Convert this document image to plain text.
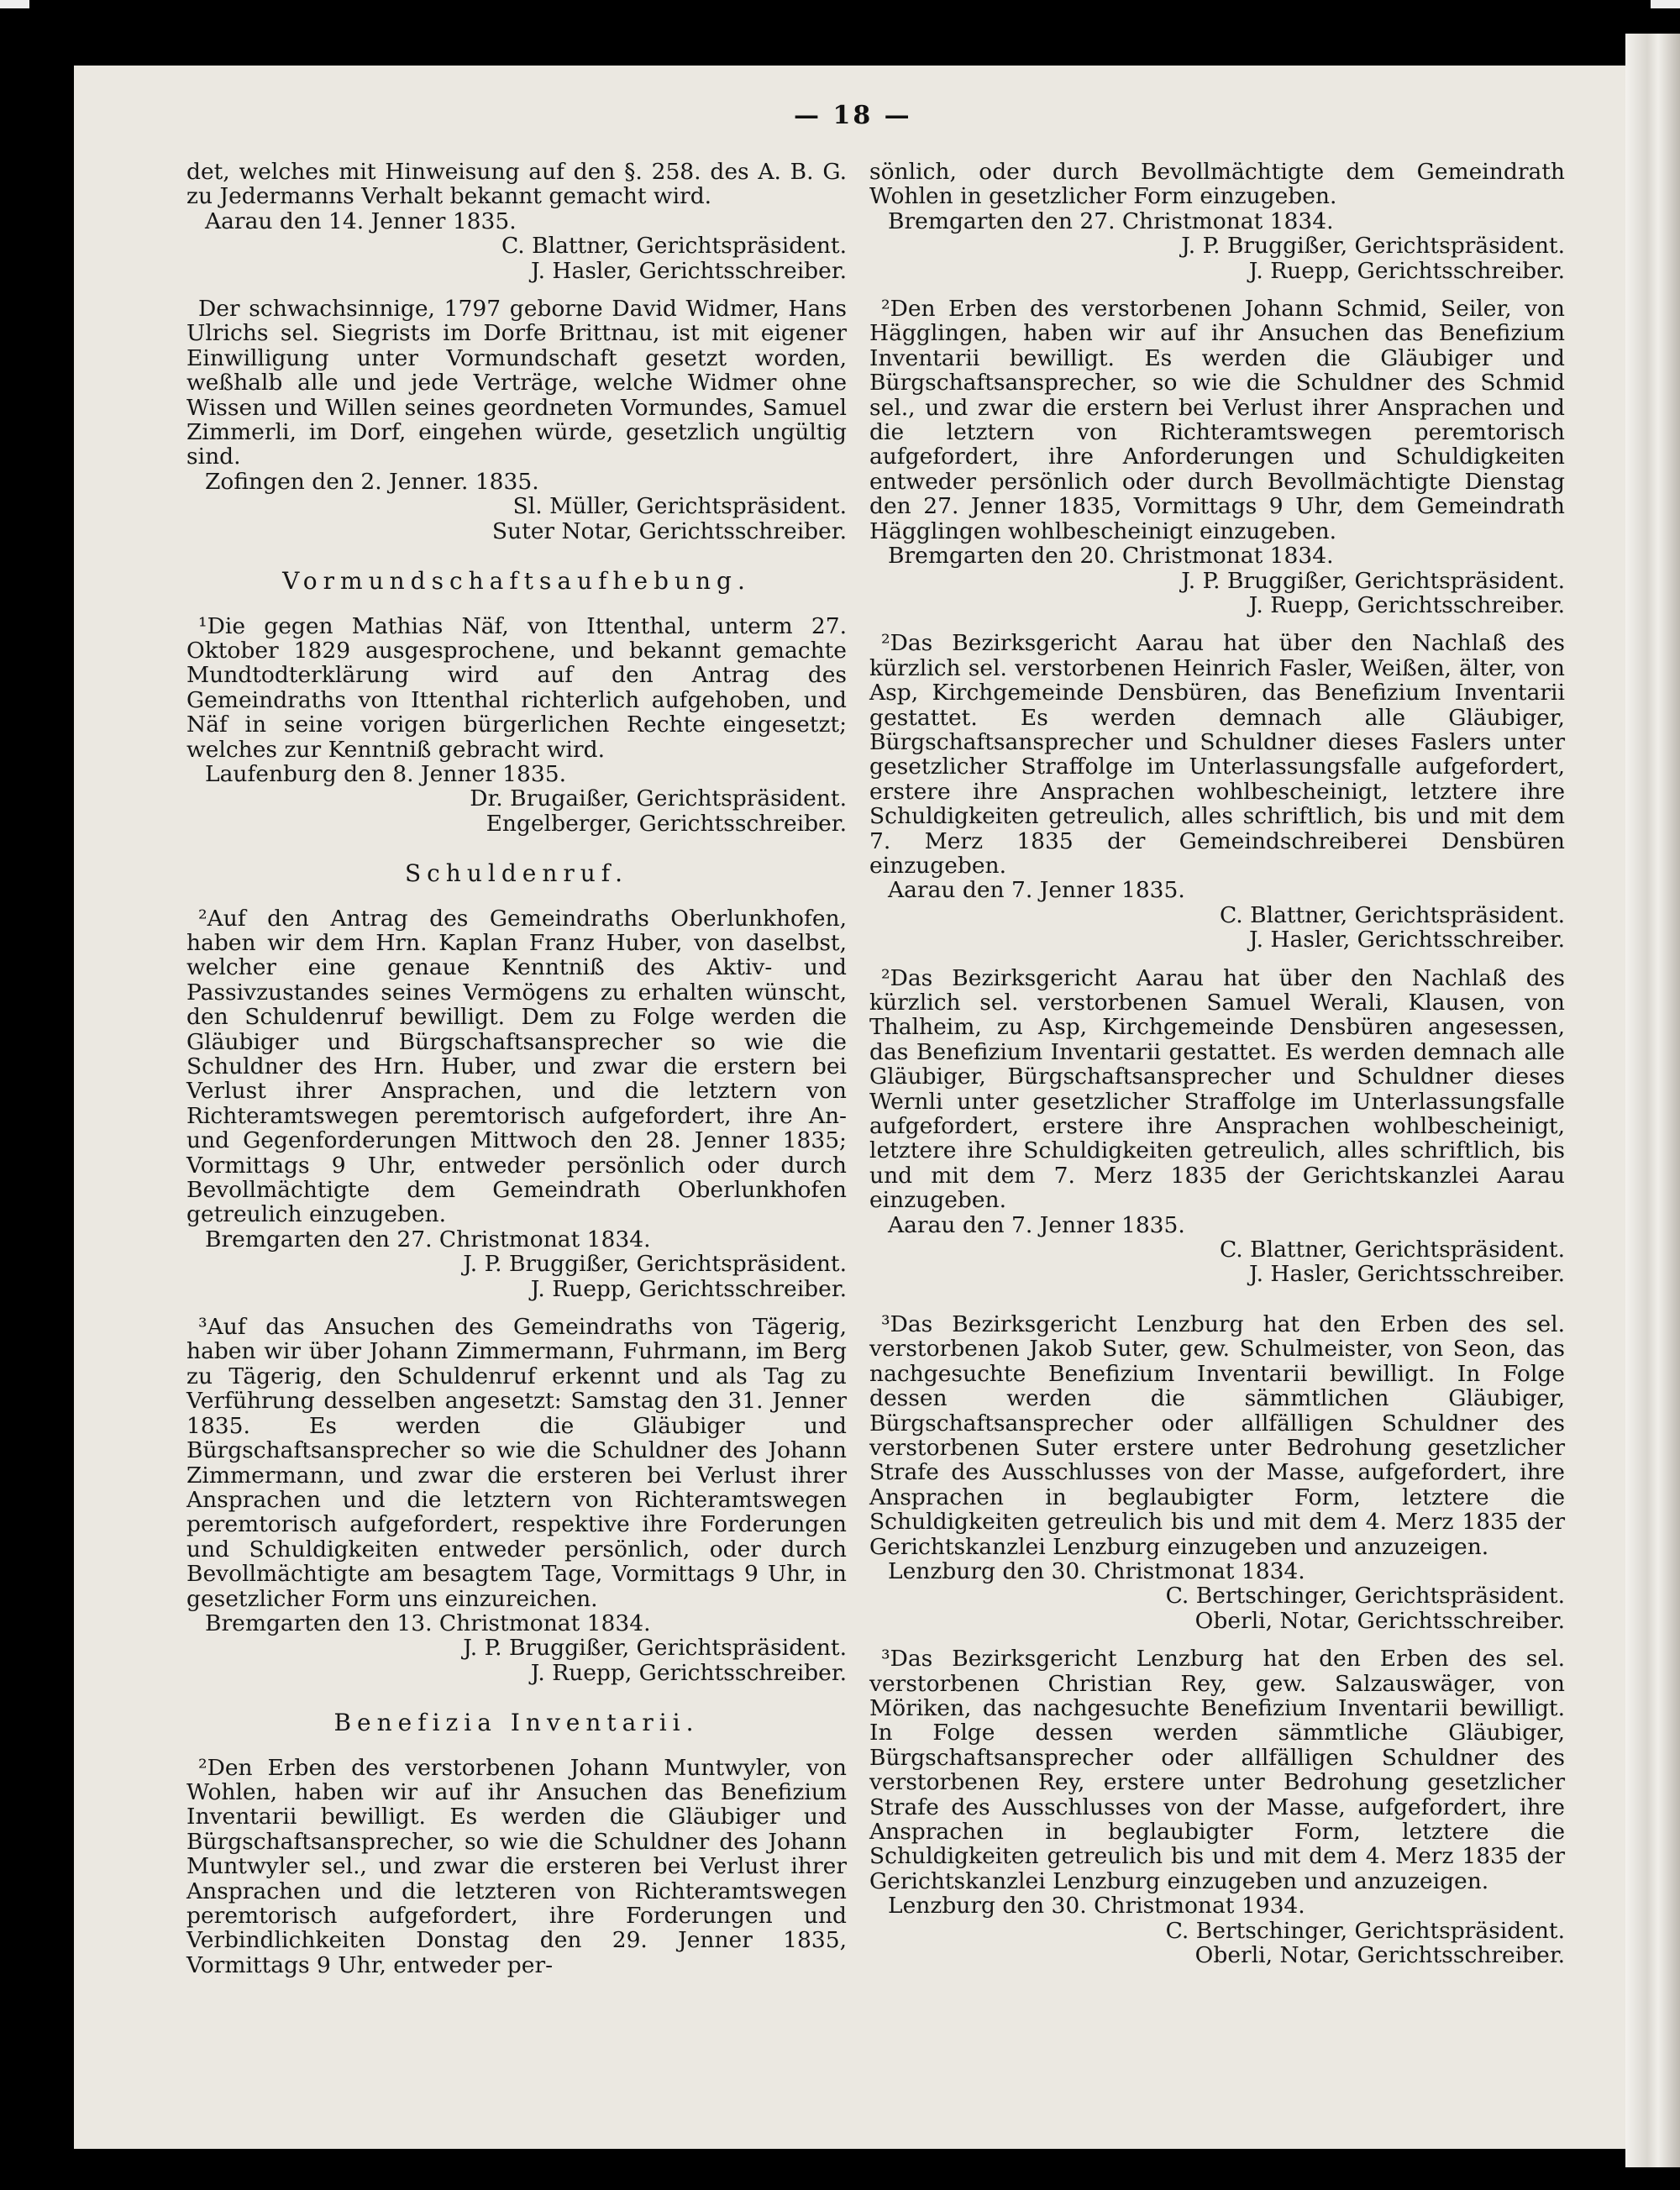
— 18 —
det, welches mit Hinweisung auf den §. 258. des A. B. G. zu Jedermanns Verhalt bekannt gemacht wird.
Aarau den 14. Jenner 1835.
C. Blattner, Gerichtspräsident.
J. Hasler, Gerichtsschreiber.
Der schwachsinnige, 1797 geborne David Widmer, Hans Ulrichs sel. Siegrists im Dorfe Brittnau, ist mit eigener Einwilligung unter Vormundschaft gesetzt worden, weßhalb alle und jede Verträge, welche Widmer ohne Wissen und Willen seines geordneten Vormundes, Samuel Zimmerli, im Dorf, eingehen würde, gesetzlich ungültig sind.
Zofingen den 2. Jenner. 1835.
Sl. Müller, Gerichtspräsident.
Suter Notar, Gerichtsschreiber.
Vormundschaftsaufhebung.
¹Die gegen Mathias Näf, von Ittenthal, unterm 27. Oktober 1829 ausgesprochene, und bekannt gemachte Mundtodterklärung wird auf den Antrag des Gemeindraths von Ittenthal richterlich aufgehoben, und Näf in seine vorigen bürgerlichen Rechte eingesetzt; welches zur Kenntniß gebracht wird.
Laufenburg den 8. Jenner 1835.
Dr. Brugaißer, Gerichtspräsident.
Engelberger, Gerichtsschreiber.
Schuldenruf.
²Auf den Antrag des Gemeindraths Oberlunkhofen, haben wir dem Hrn. Kaplan Franz Huber, von daselbst, welcher eine genaue Kenntniß des Aktiv- und Passivzustandes seines Vermögens zu erhalten wünscht, den Schuldenruf bewilligt. Dem zu Folge werden die Gläubiger und Bürgschaftsansprecher so wie die Schuldner des Hrn. Huber, und zwar die erstern bei Verlust ihrer Ansprachen, und die letztern von Richteramtswegen peremtorisch aufgefordert, ihre An- und Gegenforderungen Mittwoch den 28. Jenner 1835; Vormittags 9 Uhr, entweder persönlich oder durch Bevollmächtigte dem Gemeindrath Oberlunkhofen getreulich einzugeben.
Bremgarten den 27. Christmonat 1834.
J. P. Bruggißer, Gerichtspräsident.
J. Ruepp, Gerichtsschreiber.
³Auf das Ansuchen des Gemeindraths von Tägerig, haben wir über Johann Zimmermann, Fuhrmann, im Berg zu Tägerig, den Schuldenruf erkennt und als Tag zu Verführung desselben angesetzt: Samstag den 31. Jenner 1835. Es werden die Gläubiger und Bürgschaftsansprecher so wie die Schuldner des Johann Zimmermann, und zwar die ersteren bei Verlust ihrer Ansprachen und die letztern von Richteramtswegen peremtorisch aufgefordert, respektive ihre Forderungen und Schuldigkeiten entweder persönlich, oder durch Bevollmächtigte am besagtem Tage, Vormittags 9 Uhr, in gesetzlicher Form uns einzureichen.
Bremgarten den 13. Christmonat 1834.
J. P. Bruggißer, Gerichtspräsident.
J. Ruepp, Gerichtsschreiber.
Benefizia Inventarii.
²Den Erben des verstorbenen Johann Muntwyler, von Wohlen, haben wir auf ihr Ansuchen das Benefizium Inventarii bewilligt. Es werden die Gläubiger und Bürgschaftsansprecher, so wie die Schuldner des Johann Muntwyler sel., und zwar die ersteren bei Verlust ihrer Ansprachen und die letzteren von Richteramtswegen peremtorisch aufgefordert, ihre Forderungen und Verbindlichkeiten Donstag den 29. Jenner 1835, Vormittags 9 Uhr, entweder per-
sönlich, oder durch Bevollmächtigte dem Gemeindrath Wohlen in gesetzlicher Form einzugeben.
Bremgarten den 27. Christmonat 1834.
J. P. Bruggißer, Gerichtspräsident.
J. Ruepp, Gerichtsschreiber.
²Den Erben des verstorbenen Johann Schmid, Seiler, von Hägglingen, haben wir auf ihr Ansuchen das Benefizium Inventarii bewilligt. Es werden die Gläubiger und Bürgschaftsansprecher, so wie die Schuldner des Schmid sel., und zwar die erstern bei Verlust ihrer Ansprachen und die letztern von Richteramtswegen peremtorisch aufgefordert, ihre Anforderungen und Schuldigkeiten entweder persönlich oder durch Bevollmächtigte Dienstag den 27. Jenner 1835, Vormittags 9 Uhr, dem Gemeindrath Hägglingen wohlbescheinigt einzugeben.
Bremgarten den 20. Christmonat 1834.
J. P. Bruggißer, Gerichtspräsident.
J. Ruepp, Gerichtsschreiber.
²Das Bezirksgericht Aarau hat über den Nachlaß des kürzlich sel. verstorbenen Heinrich Fasler, Weißen, älter, von Asp, Kirchgemeinde Densbüren, das Benefizium Inventarii gestattet. Es werden demnach alle Gläubiger, Bürgschaftsansprecher und Schuldner dieses Faslers unter gesetzlicher Straffolge im Unterlassungsfalle aufgefordert, erstere ihre Ansprachen wohlbescheinigt, letztere ihre Schuldigkeiten getreulich, alles schriftlich, bis und mit dem 7. Merz 1835 der Gemeindschreiberei Densbüren einzugeben.
Aarau den 7. Jenner 1835.
C. Blattner, Gerichtspräsident.
J. Hasler, Gerichtsschreiber.
²Das Bezirksgericht Aarau hat über den Nachlaß des kürzlich sel. verstorbenen Samuel Werali, Klausen, von Thalheim, zu Asp, Kirchgemeinde Densbüren angesessen, das Benefizium Inventarii gestattet. Es werden demnach alle Gläubiger, Bürgschaftsansprecher und Schuldner dieses Wernli unter gesetzlicher Straffolge im Unterlassungsfalle aufgefordert, erstere ihre Ansprachen wohlbescheinigt, letztere ihre Schuldigkeiten getreulich, alles schriftlich, bis und mit dem 7. Merz 1835 der Gerichtskanzlei Aarau einzugeben.
Aarau den 7. Jenner 1835.
C. Blattner, Gerichtspräsident.
J. Hasler, Gerichtsschreiber.
³Das Bezirksgericht Lenzburg hat den Erben des sel. verstorbenen Jakob Suter, gew. Schulmeister, von Seon, das nachgesuchte Benefizium Inventarii bewilligt. In Folge dessen werden die sämmtlichen Gläubiger, Bürgschaftsansprecher oder allfälligen Schuldner des verstorbenen Suter erstere unter Bedrohung gesetzlicher Strafe des Ausschlusses von der Masse, aufgefordert, ihre Ansprachen in beglaubigter Form, letztere die Schuldigkeiten getreulich bis und mit dem 4. Merz 1835 der Gerichtskanzlei Lenzburg einzugeben und anzuzeigen.
Lenzburg den 30. Christmonat 1834.
C. Bertschinger, Gerichtspräsident.
Oberli, Notar, Gerichtsschreiber.
³Das Bezirksgericht Lenzburg hat den Erben des sel. verstorbenen Christian Rey, gew. Salzauswäger, von Möriken, das nachgesuchte Benefizium Inventarii bewilligt. In Folge dessen werden sämmtliche Gläubiger, Bürgschaftsansprecher oder allfälligen Schuldner des verstorbenen Rey, erstere unter Bedrohung gesetzlicher Strafe des Ausschlusses von der Masse, aufgefordert, ihre Ansprachen in beglaubigter Form, letztere die Schuldigkeiten getreulich bis und mit dem 4. Merz 1835 der Gerichtskanzlei Lenzburg einzugeben und anzuzeigen.
Lenzburg den 30. Christmonat 1934.
C. Bertschinger, Gerichtspräsident.
Oberli, Notar, Gerichtsschreiber.
